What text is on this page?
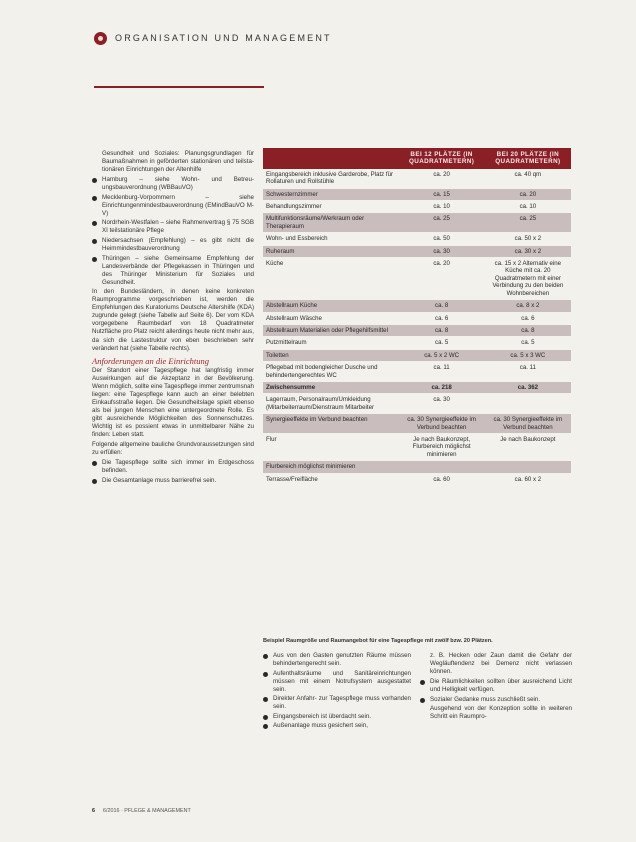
ORGANISATION UND MANAGEMENT

Gesundheit und Soziales: Planungsgrundlagen für Baumaßnahmen in geförderten stationären und teilstationären Einrichtungen der Altenhilfe

Hamburg – siehe Wohn- und Betreuungsbauverordnung (WBBauVO)
Mecklenburg-Vorpommern – siehe Einrichtungenmindestbauverordnung (EMindBauVO M-V)
Nordrhein-Westfalen – siehe Rahmenvertrag § 75 SGB XI teilstationäre Pflege
Niedersachsen (Empfehlung) – es gibt nicht die Heimmindestbauverordnung
Thüringen – siehe Gemeinsame Empfehlung der Landesverbände der Pflegekassen in Thüringen und des Thüringer Ministerium für Soziales und Gesundheit.

In den Bundesländern, in denen keine konkreten Raumprogramme vorgeschrieben ist, werden die Empfehlungen des Kuratoriums Deutsche Altershilfe (KDA) zugrunde gelegt (siehe Tabelle auf Seite 6). Der vom KDA vorgegebene Raumbedarf von 18 Quadratmeter Nutzfläche pro Platz reicht allerdings heute nicht mehr aus, da sich die Lastestruktur von eben beschrieben sehr verändert hat (siehe Tabelle rechts).

Anforderungen an die Einrichtung

Der Standort einer Tagespflege hat langfristig immer Auswirkungen auf die Akzeptanz in der Bevölkerung. Wenn möglich, sollte eine Tagespflege immer zentrumsnah liegen: eine Tagespflege kann auch an einer belebten Einkaufsstraße liegen. Die Gesundheitslage spielt ebenso als bei jungen Menschen eine untergeordnete Rolle. Es gibt ausreichende Möglichkeiten des Sonnenschutzes. Wichtig ist es possient etwas in unmittelbarer Nähe zu finden: Leben statt.

Folgende allgemeine bauliche Grundvoraussetzungen sind zu erfüllen:

Die Tagespflege sollte sich immer im Erdgeschoss befinden.
Die Gesamtanlage muss barrierefrei sein.
	BEI 12 PLÄTZE (IN QUADRATMETERN)	BEI 20 PLÄTZE (IN QUADRATMETERN)
Eingangsbereich inklusive Garderobe, Platz für Rollaturen und Rollstühle	ca. 20	ca. 40 qm
Schwesternzimmer	ca. 15	ca. 20
Behandlungszimmer	ca. 10	ca. 10
Multifunktionsräume/Werkraum oder Therapieraum	ca. 25	ca. 25
Wohn- und Essbereich	ca. 50	ca. 50 x 2
Ruheraum	ca. 30	ca. 30 x 2
Küche	ca. 20	ca. 15 x 2 Alternativ eine Küche mit ca. 20 Quadratmetern mit einer Verbindung zu den beiden Wohnbereichen
Abstellraum Küche	ca. 8	ca. 8 x 2
Abstellraum Wäsche	ca. 6	ca. 6
Abstellraum Materialien oder Pflegehilfsmittel	ca. 8	ca. 8
Putzmittelraum	ca. 5	ca. 5
Toiletten	ca. 5 x 2 WC	ca. 5 x 3 WC
Pflegebad mit bodengleicher Dusche und behindertengerechtes WC	ca. 11	ca. 11
Zwischensumme	ca. 218	ca. 362
Lagerraum, Personalraum/Umkleidung (Mitarbeiterraum/Dienstraum Mitarbeiter	ca. 30	
Synergieeffekte im Verbund beachten	ca. 30 Synergieeffekte im Verbund beachten	ca. 30 Synergieeffekte im Verbund beachten
Flur	Je nach Baukonzept, Flurbereich möglichst minimieren	Je nach Baukonzept
Flurbereich möglichst minimieren		
Terrasse/Freifläche	ca. 60	ca. 60 x 2
Beispiel Raumgröße und Raumangebot für eine Tagespflege mit zwölf bzw. 20 Plätzen.
Aus von den Gasten genutzten Räume müssen behindertengerecht sein.
Aufenthaltsräume und Sanitäreinrichtungen müssen mit einem Notrufsystem ausgestattet sein.
Direkter Anfahr- zur Tagespflege muss vorhanden sein.
Eingangsbereich ist überdacht sein.
Außenanlage muss gesichert sein,

z. B. Hecken oder Zaun damit die Gefahr der Wegläuftendenz bei Demenz nicht verlassen können.

Die Räumlichkeiten sollten über ausreichend Licht und Helligkeit verfügen.
Sozialer Gedanke muss zuschließt sein.

Ausgehend von der Konzeption sollte in weiteren Schritt ein Raumpro-

6 6/2016 · PFLEGE & MANAGEMENT
